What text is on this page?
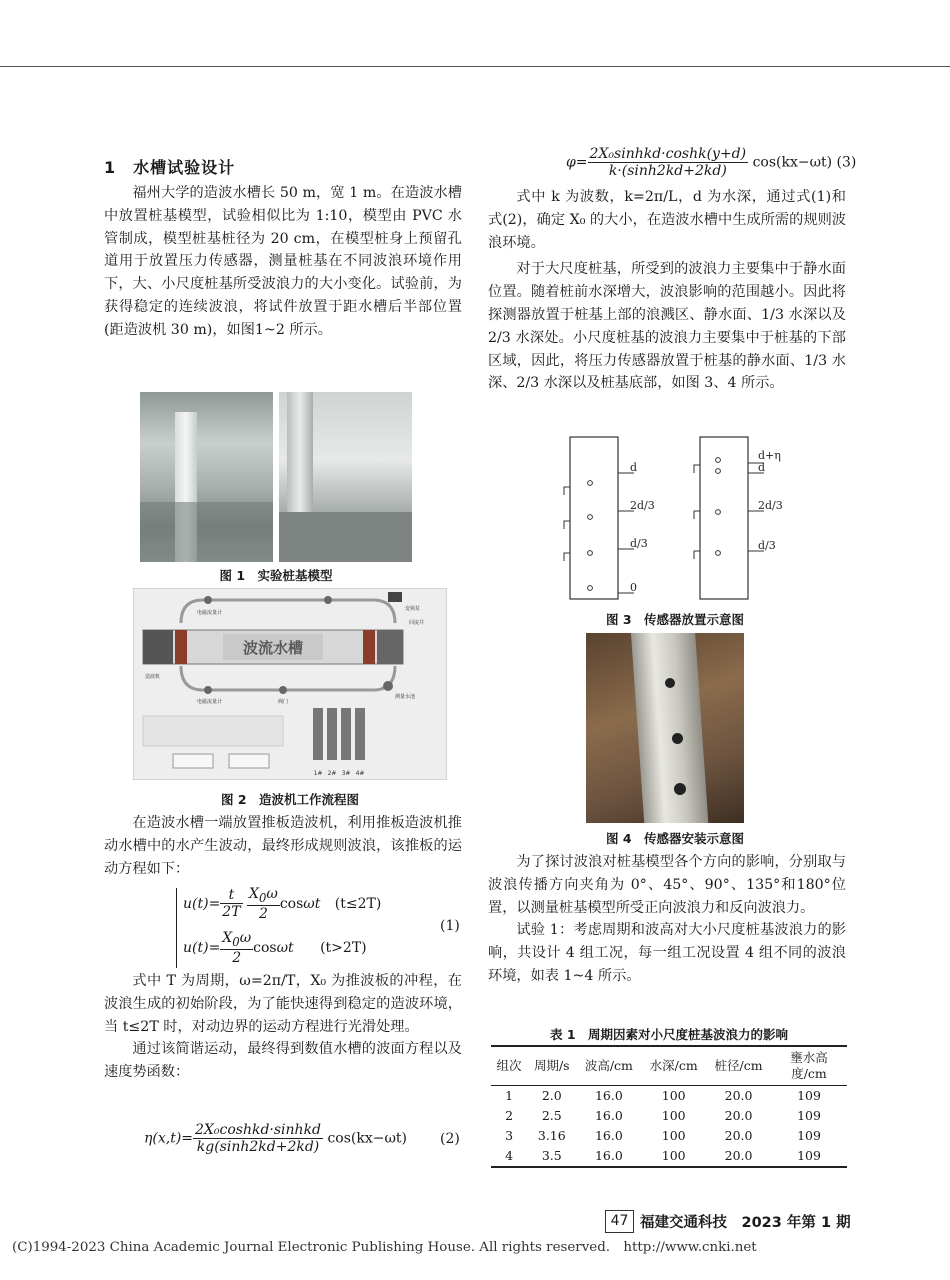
1　水槽试验设计

福州大学的造波水槽长 50 m，宽 1 m。在造波水槽中放置桩基模型，试验相似比为 1:10，模型由 PVC 水管制成，模型桩基桩径为 20 cm，在模型桩身上预留孔道用于放置压力传感器，测量桩基在不同波浪环境作用下，大、小尺度桩基所受波浪力的大小变化。试验前，为获得稳定的连续波浪，将试件放置于距水槽后半部位置(距造波机 30 m)，如图1~2 所示。

图 1　实验桩基模型
波流水槽
电磁流量计
变频泵
回流井
造波机
电磁流量计	阀门
测量水池
1# 2# 3# 4#
图 2　造波机工作流程图

在造波水槽一端放置推板造波机，利用推板造波机推动水槽中的水产生波动，最终形成规则波浪，该推板的运动方程如下：

$u(t)= \frac{t}{2T}$
$\frac{X_0\omega}{2}$ cosωt (t≤2T)
$u(t)= \frac{X_0\omega}{2}$ cosωt (t>2T)
(1)

式中 T 为周期，ω=2π/T，X₀ 为推波板的冲程，在波浪生成的初始阶段，为了能快速得到稳定的造波环境，当 t≤2T 时，对动边界的运动方程进行光滑处理。

通过该简谐运动，最终得到数值水槽的波面方程以及速度势函数：

$\eta(x,t)= \frac{\text{2X₀coshkd·sinhkd}}{kg(\sinh 2kd+2kd)} \cos(kx-\omega t)$ (2)
$\varphi= \frac{\text{2X₀sinhkd·coshk(y+d)}}{k\cdot(\sinh 2kd+2kd)} \cos(kx-\omega t)$ (3)

式中 k 为波数，k=2π/L，d 为水深，通过式(1)和式(2)，确定 X₀ 的大小，在造波水槽中生成所需的规则波浪环境。

对于大尺度桩基，所受到的波浪力主要集中于静水面位置。随着桩前水深增大，波浪影响的范围越小。因此将探测器放置于桩基上部的浪溅区、静水面、1/3 水深以及 2/3 水深处。小尺度桩基的波浪力主要集中于桩基的下部区域，因此，将压力传感器放置于桩基的静水面、1/3 水深、2/3 水深以及桩基底部，如图 3、4 所示。

d
2d/3
d/3
0
d+η
d
2d/3
d/3
图 3　传感器放置示意图
图 4　传感器安装示意图

为了探讨波浪对桩基模型各个方向的影响，分别取与波浪传播方向夹角为 0°、45°、90°、135°和180°位置，以测量桩基模型所受正向波浪力和反向波浪力。

试验 1：考虑周期和波高对大小尺度桩基波浪力的影响，共设计 4 组工况，每一组工况设置 4 组不同的波浪环境，如表 1~4 所示。

表 1　周期因素对小尺度桩基波浪力的影响
组次	周期/s	波高/cm	水深/cm	桩径/cm	壅水高度/cm
1	2.0	16.0	100	20.0	109
2	2.5	16.0	100	20.0	109
3	3.16	16.0	100	20.0	109
4	3.5	16.0	100	20.0	109
47 福建交通科技　2023 年第 1 期
(C)1994-2023 China Academic Journal Electronic Publishing House. All rights reserved.　http://www.cnki.net
